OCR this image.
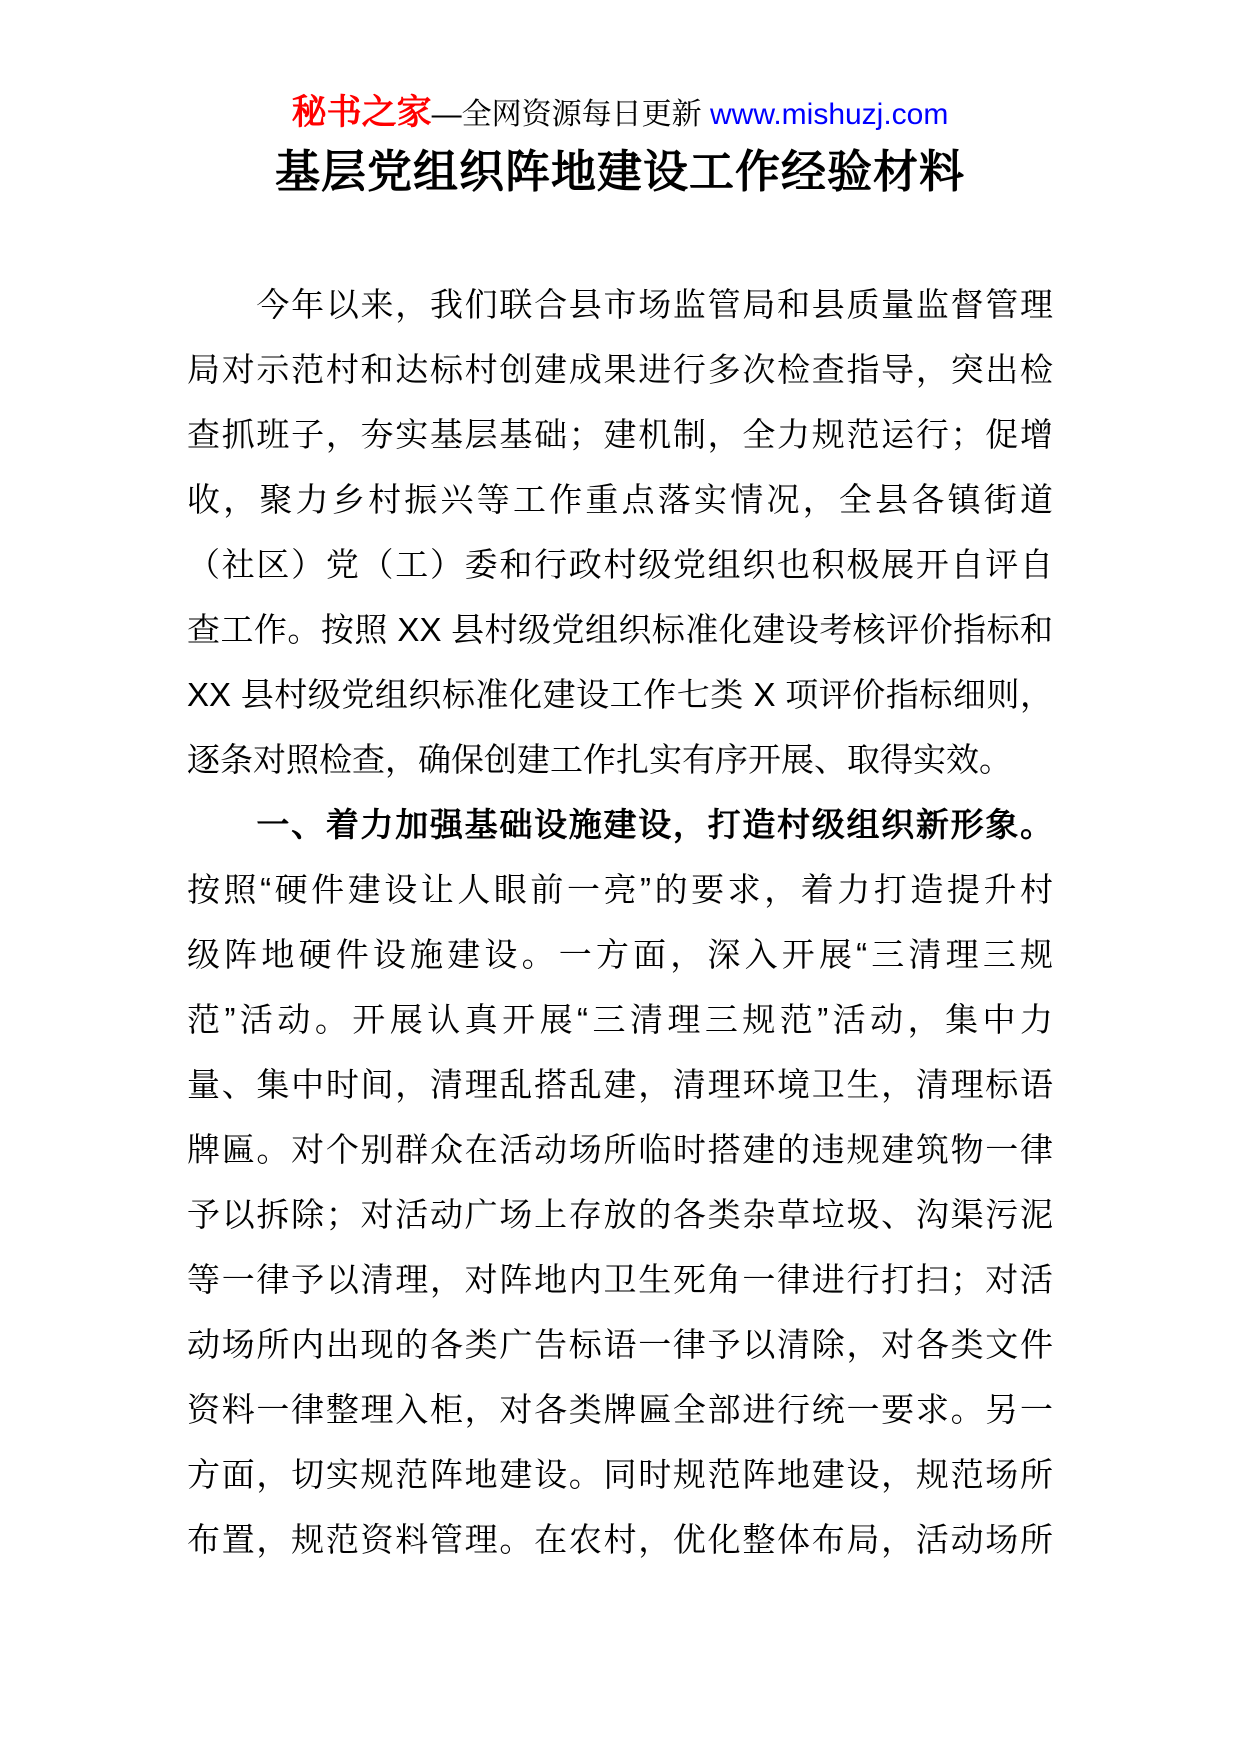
秘书之家—全网资源每日更新 www.mishuzj.com
基层党组织阵地建设工作经验材料
　　今年以来，我们联合县市场监管局和县质量监督管理
局对示范村和达标村创建成果进行多次检查指导，突出检
查抓班子，夯实基层基础；建机制，全力规范运行；促增
收，聚力乡村振兴等工作重点落实情况，全县各镇街道
（社区）党（工）委和行政村级党组织也积极展开自评自
查工作。按照 XX 县村级党组织标准化建设考核评价指标和
XX 县村级党组织标准化建设工作七类 X 项评价指标细则，
逐条对照检查，确保创建工作扎实有序开展、取得实效。
　　一、着力加强基础设施建设，打造村级组织新形象。
按照“硬件建设让人眼前一亮”的要求，着力打造提升村
级阵地硬件设施建设。一方面，深入开展“三清理三规
范”活动。开展认真开展“三清理三规范”活动，集中力
量、集中时间，清理乱搭乱建，清理环境卫生，清理标语
牌匾。对个别群众在活动场所临时搭建的违规建筑物一律
予以拆除；对活动广场上存放的各类杂草垃圾、沟渠污泥
等一律予以清理，对阵地内卫生死角一律进行打扫；对活
动场所内出现的各类广告标语一律予以清除，对各类文件
资料一律整理入柜，对各类牌匾全部进行统一要求。另一
方面，切实规范阵地建设。同时规范阵地建设，规范场所
布置，规范资料管理。在农村，优化整体布局，活动场所
